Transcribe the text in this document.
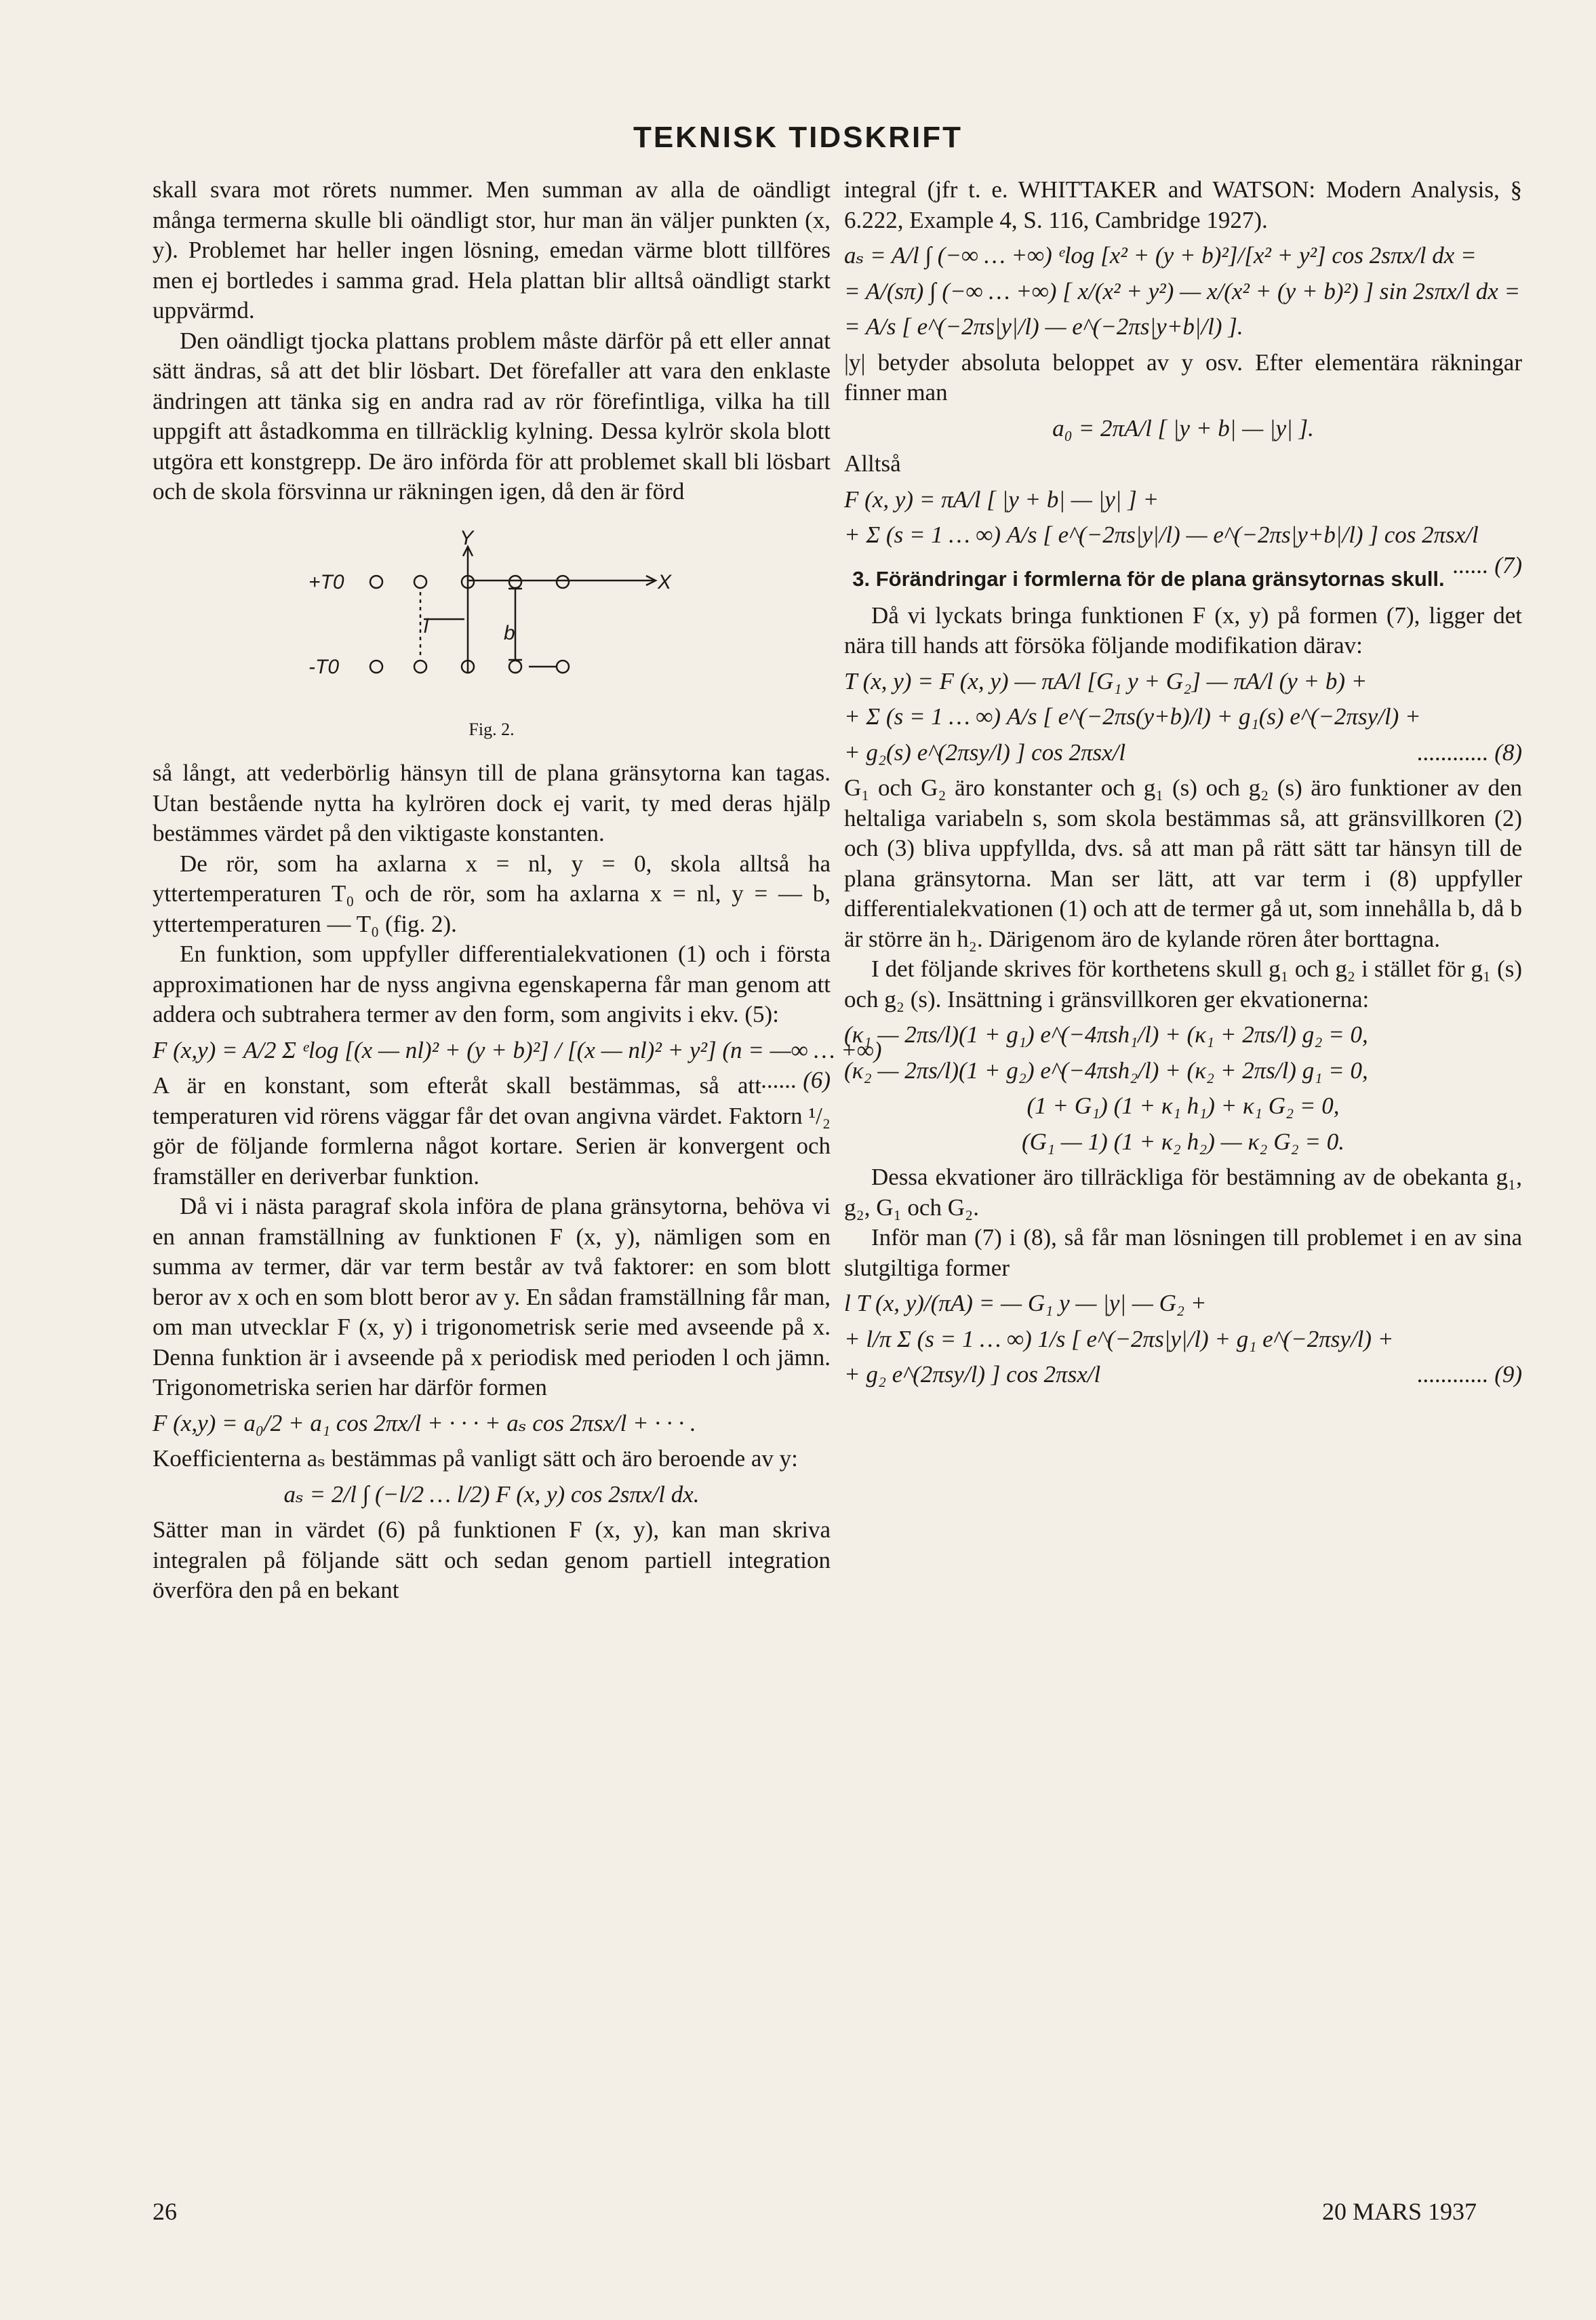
TEKNISK TIDSKRIFT

skall svara mot rörets nummer. Men summan av alla de oändligt många termerna skulle bli oändligt stor, hur man än väljer punkten (x, y). Problemet har heller ingen lösning, emedan värme blott tillföres men ej bortledes i samma grad. Hela plattan blir alltså oändligt starkt uppvärmd.

Den oändligt tjocka plattans problem måste därför på ett eller annat sätt ändras, så att det blir lösbart. Det förefaller att vara den enklaste ändringen att tänka sig en andra rad av rör förefintliga, vilka ha till uppgift att åstadkomma en tillräcklig kylning. Dessa kylrör skola blott utgöra ett konstgrepp. De äro införda för att problemet skall bli lösbart och de skola försvinna ur räkningen igen, då den är förd

+T0
-T0
Y
X
l	b
Fig. 2.

så långt, att vederbörlig hänsyn till de plana gränsytorna kan tagas. Utan bestående nytta ha kylrören dock ej varit, ty med deras hjälp bestämmes värdet på den viktigaste konstanten.

De rör, som ha axlarna x = nl, y = 0, skola alltså ha yttertemperaturen T₀ och de rör, som ha axlarna x = nl, y = — b, yttertemperaturen — T₀ (fig. 2).

En funktion, som uppfyller differentialekvationen (1) och i första approximationen har de nyss angivna egenskaperna får man genom att addera och subtrahera termer av den form, som angivits i ekv. (5):

F (x,y) = A/2 Σ ᵉlog [(x — nl)² + (y + b)²] / [(x — nl)² + y²] (n = —∞ … +∞)
...... (6)

A är en konstant, som efteråt skall bestämmas, så att temperaturen vid rörens väggar får det ovan angivna värdet. Faktorn ¹/₂ gör de följande formlerna något kortare. Serien är konvergent och framställer en deriverbar funktion.

Då vi i nästa paragraf skola införa de plana gränsytorna, behöva vi en annan framställning av funktionen F (x, y), nämligen som en summa av termer, där var term består av två faktorer: en som blott beror av x och en som blott beror av y. En sådan framställning får man, om man utvecklar F (x, y) i trigonometrisk serie med avseende på x. Denna funktion är i avseende på x periodisk med perioden l och jämn. Trigonometriska serien har därför formen

F (x,y) = a₀/2 + a₁ cos 2πx/l + · · · + aₛ cos 2πsx/l + · · · .

Koefficienterna aₛ bestämmas på vanligt sätt och äro beroende av y:

aₛ = 2/l ∫ (−l/2 … l/2) F (x, y) cos 2sπx/l dx.

Sätter man in värdet (6) på funktionen F (x, y), kan man skriva integralen på följande sätt och sedan genom partiell integration överföra den på en bekant

integral (jfr t. e. WHITTAKER and WATSON: Modern Analysis, § 6.222, Example 4, S. 116, Cambridge 1927).

aₛ = A/l ∫ (−∞ … +∞) ᵉlog [x² + (y + b)²]/[x² + y²] cos 2sπx/l dx =
= A/(sπ) ∫ (−∞ … +∞) [ x/(x² + y²) — x/(x² + (y + b)²) ] sin 2sπx/l dx =
= A/s [ e^(−2πs|y|/l) — e^(−2πs|y+b|/l) ].

|y| betyder absoluta beloppet av y osv. Efter elementära räkningar finner man

a₀ = 2πA/l [ |y + b| — |y| ].

Alltså

F (x, y) = πA/l [ |y + b| — |y| ] +
+ Σ (s = 1 … ∞) A/s [ e^(−2πs|y|/l) — e^(−2πs|y+b|/l) ] cos 2πsx/l
...... (7)
3. Förändringar i formlerna för de plana gränsytornas skull.

Då vi lyckats bringa funktionen F (x, y) på formen (7), ligger det nära till hands att försöka följande modifikation därav:

T (x, y) = F (x, y) — πA/l [G₁ y + G₂] — πA/l (y + b) +
+ Σ (s = 1 … ∞) A/s [ e^(−2πs(y+b)/l) + g₁(s) e^(−2πsy/l) +
+ g₂(s) e^(2πsy/l) ] cos 2πsx/l	............ (8)

G₁ och G₂ äro konstanter och g₁ (s) och g₂ (s) äro funktioner av den heltaliga variabeln s, som skola bestämmas så, att gränsvillkoren (2) och (3) bliva uppfyllda, dvs. så att man på rätt sätt tar hänsyn till de plana gränsytorna. Man ser lätt, att var term i (8) uppfyller differentialekvationen (1) och att de termer gå ut, som innehålla b, då b är större än h₂. Därigenom äro de kylande rören åter borttagna.

I det följande skrives för korthetens skull g₁ och g₂ i stället för g₁ (s) och g₂ (s). Insättning i gränsvillkoren ger ekvationerna:

(κ₁ — 2πs/l)(1 + g₁) e^(−4πsh₁/l) + (κ₁ + 2πs/l) g₂ = 0,
(κ₂ — 2πs/l)(1 + g₂) e^(−4πsh₂/l) + (κ₂ + 2πs/l) g₁ = 0,
(1 + G₁) (1 + κ₁ h₁) + κ₁ G₂ = 0,
(G₁ — 1) (1 + κ₂ h₂) — κ₂ G₂ = 0.

Dessa ekvationer äro tillräckliga för bestämning av de obekanta g₁, g₂, G₁ och G₂.

Inför man (7) i (8), så får man lösningen till problemet i en av sina slutgiltiga former

l T (x, y)/(πA) = — G₁ y — |y| — G₂ +
+ l/π Σ (s = 1 … ∞) 1/s [ e^(−2πs|y|/l) + g₁ e^(−2πsy/l) +
+ g₂ e^(2πsy/l) ] cos 2πsx/l	............ (9)
26	20 MARS 1937
